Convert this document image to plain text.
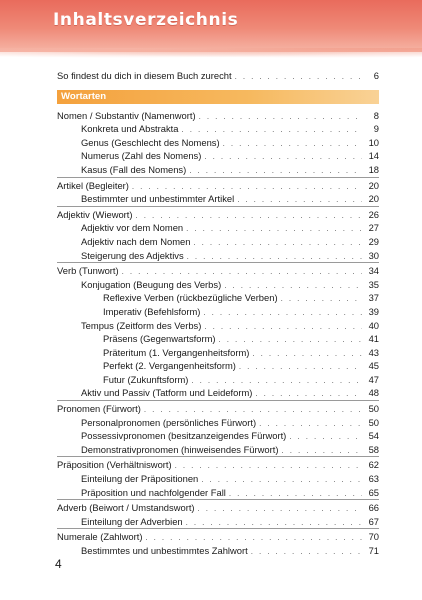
Inhaltsverzeichnis
So findest du dich in diesem Buch zurecht . . .	6
Wortarten
Nomen / Substantiv (Namenwort) . . .	8
Konkreta und Abstrakta . . .	9
Genus (Geschlecht des Nomens) . . .	10
Numerus (Zahl des Nomens) . . .	14
Kasus (Fall des Nomens) . . .	18
Artikel (Begleiter) . . .	20
Bestimmter und unbestimmter Artikel . . .	20
Adjektiv (Wiewort) . . .	26
Adjektiv vor dem Nomen . . .	27
Adjektiv nach dem Nomen . . .	29
Steigerung des Adjektivs . . .	30
Verb (Tunwort) . . .	34
Konjugation (Beugung des Verbs) . . .	35
Reflexive Verben (rückbezügliche Verben) . . .	37
Imperativ (Befehlsform) . . .	39
Tempus (Zeitform des Verbs) . . .	40
Präsens (Gegenwartsform) . . .	41
Präteritum (1. Vergangenheitsform) . . .	43
Perfekt (2. Vergangenheitsform) . . .	45
Futur (Zukunftsform) . . .	47
Aktiv und Passiv (Tatform und Leideform) . . .	48
Pronomen (Fürwort) . . .	50
Personalpronomen (persönliches Fürwort) . . .	50
Possessivpronomen (besitzanzeigendes Fürwort) . . .	54
Demonstrativpronomen (hinweisendes Fürwort) . . .	58
Präposition (Verhältniswort) . . .	62
Einteilung der Präpositionen . . .	63
Präposition und nachfolgender Fall . . .	65
Adverb (Beiwort / Umstandswort) . . .	66
Einteilung der Adverbien . . .	67
Numerale (Zahlwort) . . .	70
Bestimmtes und unbestimmtes Zahlwort . . .	71
4
